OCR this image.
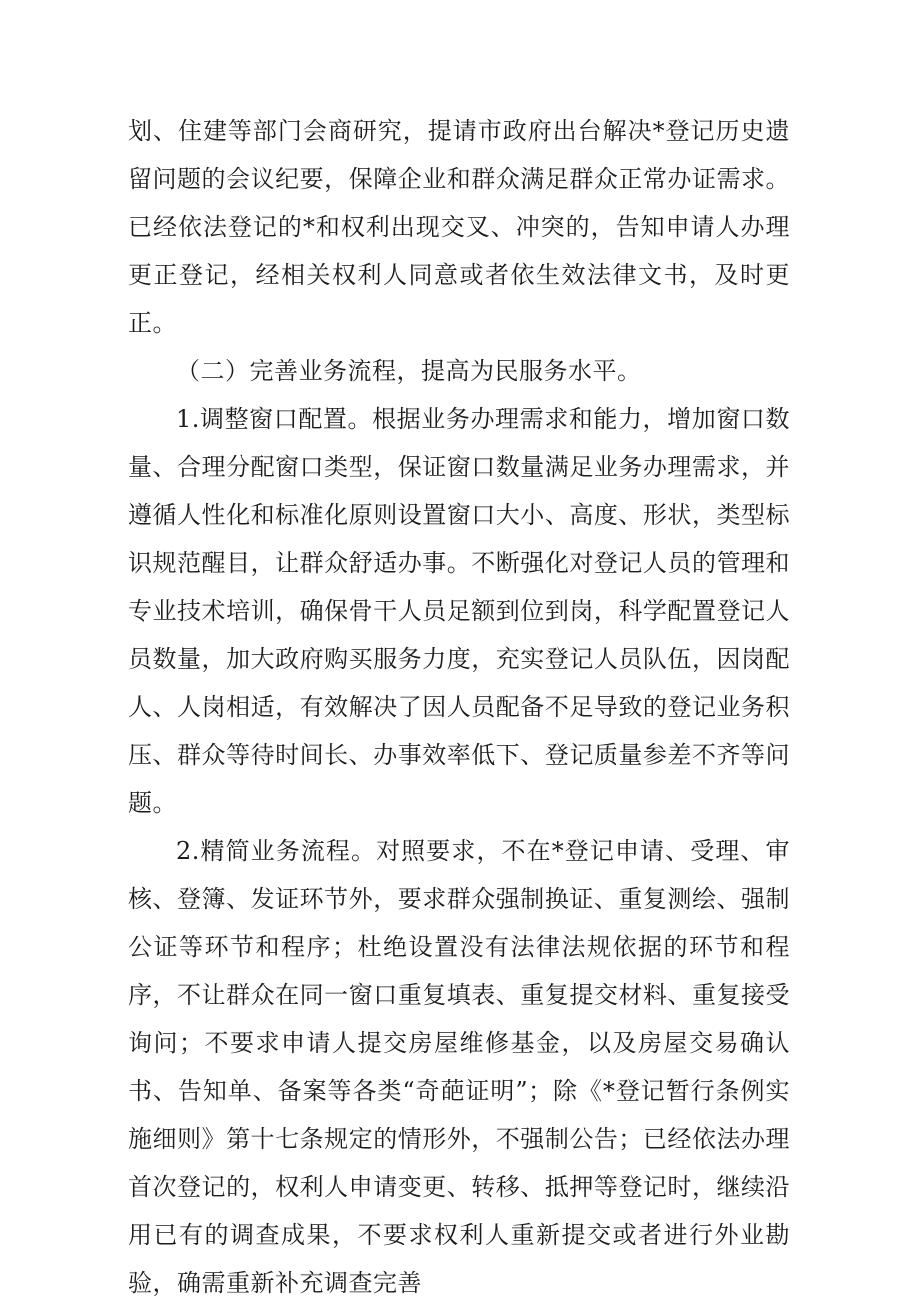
划、住建等部门会商研究，提请市政府出台解决*登记历史遗留问题的会议纪要，保障企业和群众满足群众正常办证需求。已经依法登记的*和权利出现交叉、冲突的，告知申请人办理更正登记，经相关权利人同意或者依生效法律文书，及时更正。

（二）完善业务流程，提高为民服务水平。

1.调整窗口配置。根据业务办理需求和能力，增加窗口数量、合理分配窗口类型，保证窗口数量满足业务办理需求，并遵循人性化和标准化原则设置窗口大小、高度、形状，类型标识规范醒目，让群众舒适办事。不断强化对登记人员的管理和专业技术培训，确保骨干人员足额到位到岗，科学配置登记人员数量，加大政府购买服务力度，充实登记人员队伍，因岗配人、人岗相适，有效解决了因人员配备不足导致的登记业务积压、群众等待时间长、办事效率低下、登记质量参差不齐等问题。

2.精简业务流程。对照要求，不在*登记申请、受理、审核、登簿、发证环节外，要求群众强制换证、重复测绘、强制公证等环节和程序；杜绝设置没有法律法规依据的环节和程序，不让群众在同一窗口重复填表、重复提交材料、重复接受询问；不要求申请人提交房屋维修基金，以及房屋交易确认书、告知单、备案等各类“奇葩证明”；除《*登记暂行条例实施细则》第十七条规定的情形外，不强制公告；已经依法办理首次登记的，权利人申请变更、转移、抵押等登记时，继续沿用已有的调查成果，不要求权利人重新提交或者进行外业勘验，确需重新补充调查完善
